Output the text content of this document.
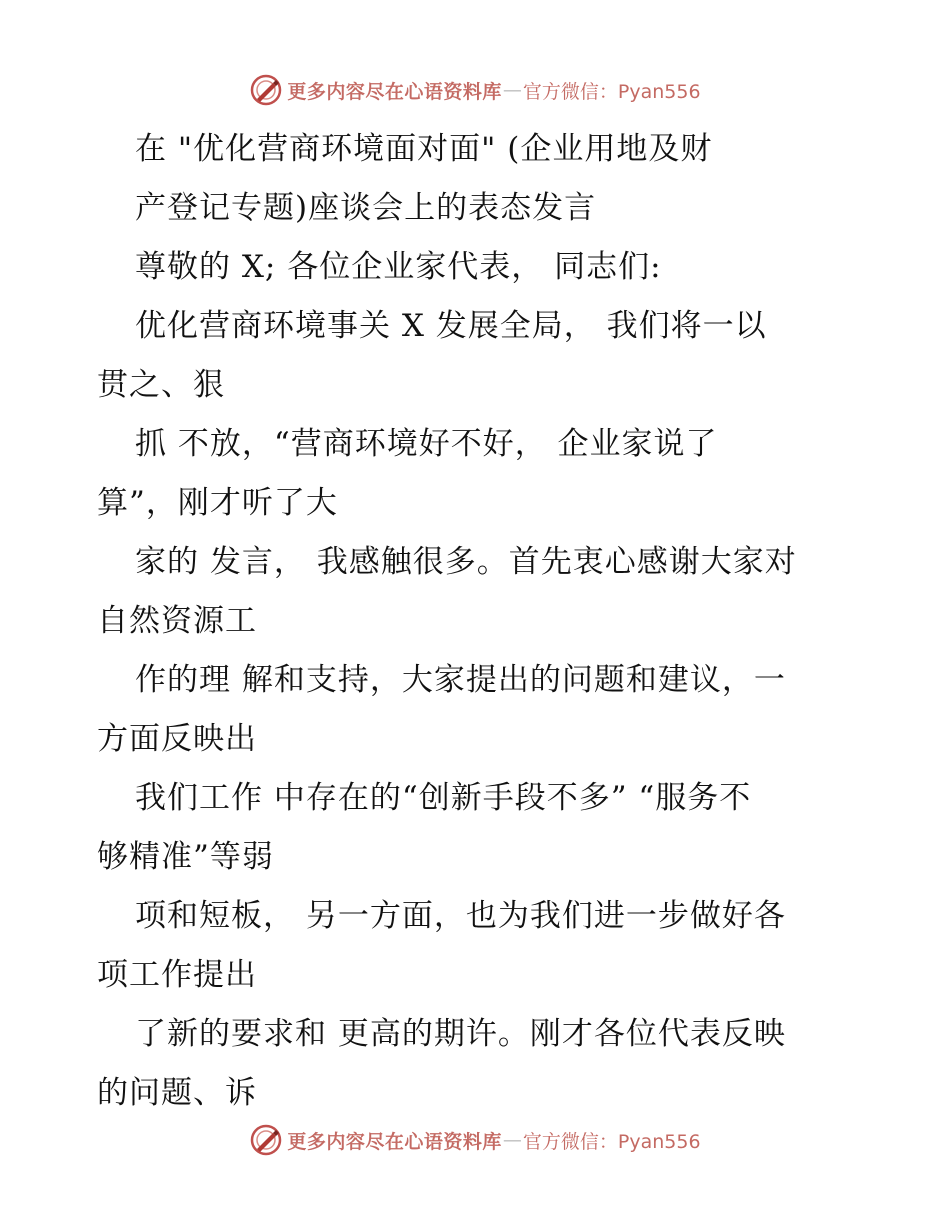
更多内容尽在心语资料库 — 官方微信：Pyan556
在 "优化营商环境面对面" (企业用地及财
产登记专题)座谈会上的表态发言
尊敬的 X; 各位企业家代表， 同志们:
优化营商环境事关 X 发展全局， 我们将一以
贯之、狠
抓 不放，“营商环境好不好， 企业家说了
算”，刚才听了大
家的 发言， 我感触很多。首先衷心感谢大家对
自然资源工
作的理 解和支持，大家提出的问题和建议，一
方面反映出
我们工作 中存在的“创新手段不多” “服务不
够精准”等弱
项和短板， 另一方面，也为我们进一步做好各
项工作提出
了新的要求和 更高的期许。刚才各位代表反映
的问题、诉
更多内容尽在心语资料库 — 官方微信：Pyan556
